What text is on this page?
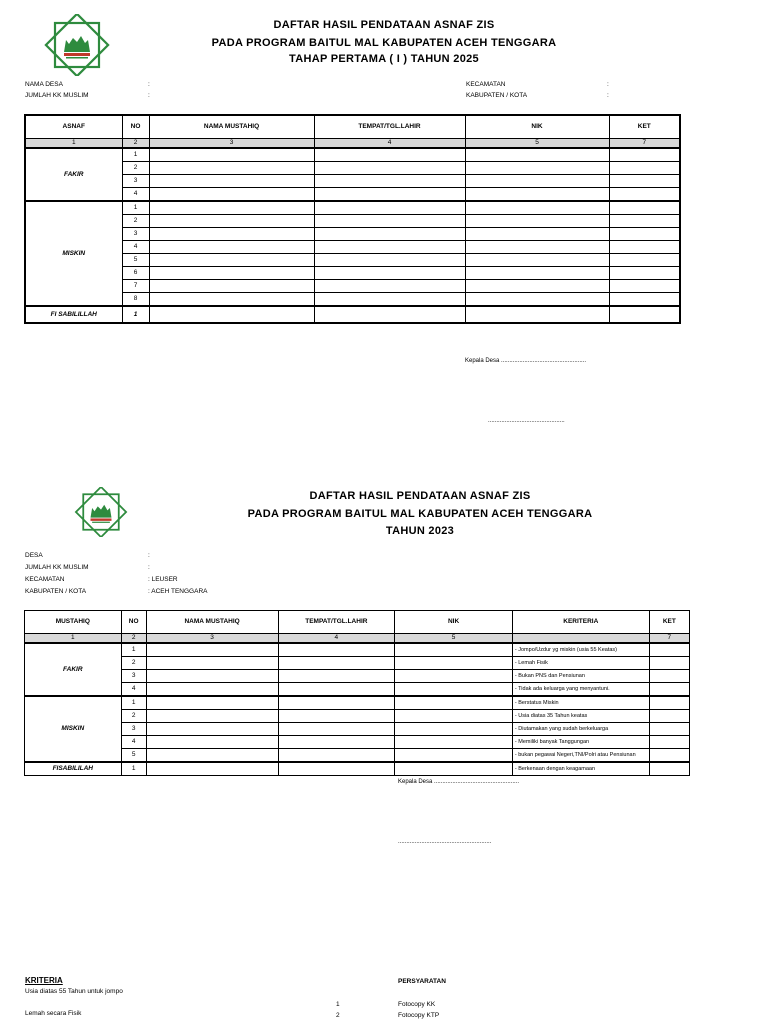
DAFTAR HASIL PENDATAAN ASNAF ZIS
PADA PROGRAM BAITUL MAL KABUPATEN ACEH TENGGARA
TAHAP PERTAMA ( I ) TAHUN 2025
NAMA DESA	:
JUMLAH KK MUSLIM	:
KECAMATAN	:
KABUPATEN / KOTA	:
ASNAF	NO	NAMA MUSTAHIQ	TEMPAT/TGL.LAHIR	NIK	KET
1	2	3	4	5	7
FAKIR	1				
	2				
	3				
	4				
MISKIN	1				
	2				
	3				
	4				
	5				
	6				
	7				
	8				
FI SABILILLAH	1				
Kepala Desa ...................................................
..............................................
DAFTAR HASIL PENDATAAN ASNAF ZIS
PADA PROGRAM BAITUL MAL KABUPATEN ACEH TENGGARA
TAHUN 2023
DESA	:
JUMLAH KK MUSLIM	:
KECAMATAN	: LEUSER
KABUPATEN / KOTA	: ACEH TENGGARA
MUSTAHIQ	NO	NAMA MUSTAHIQ	TEMPAT/TGL.LAHIR	NIK	KERITERIA	KET
1	2	3	4	5		7
FAKIR	1				- Jompo/Uzdur yg miskin (usia 55 Keatas)	
	2				- Lemah Fisik	
	3				- Bukan PNS dan Pensiunan	
	4				- Tidak ada keluarga yang menyantuni.	
MISKIN	1				- Berstatus Miskin	
	2				- Usia diatas 35 Tahun keatas	
	3				- Diutamakan yang sudah berkeluarga	
	4				- Memiliki banyak Tanggungan	
	5				- bukan pegawai Negeri,TNI/Polri atau Pensiunan	
FISABILILAH	1				- Berkenaan dengan keagamaan	
Kepala Desa ...................................................
........................................................
KRITERIA
Usia diatas 55 Tahun untuk jompo
Lemah secara Fisik
PERSYARATAN
1	Fotocopy KK
2	Fotocopy KTP
